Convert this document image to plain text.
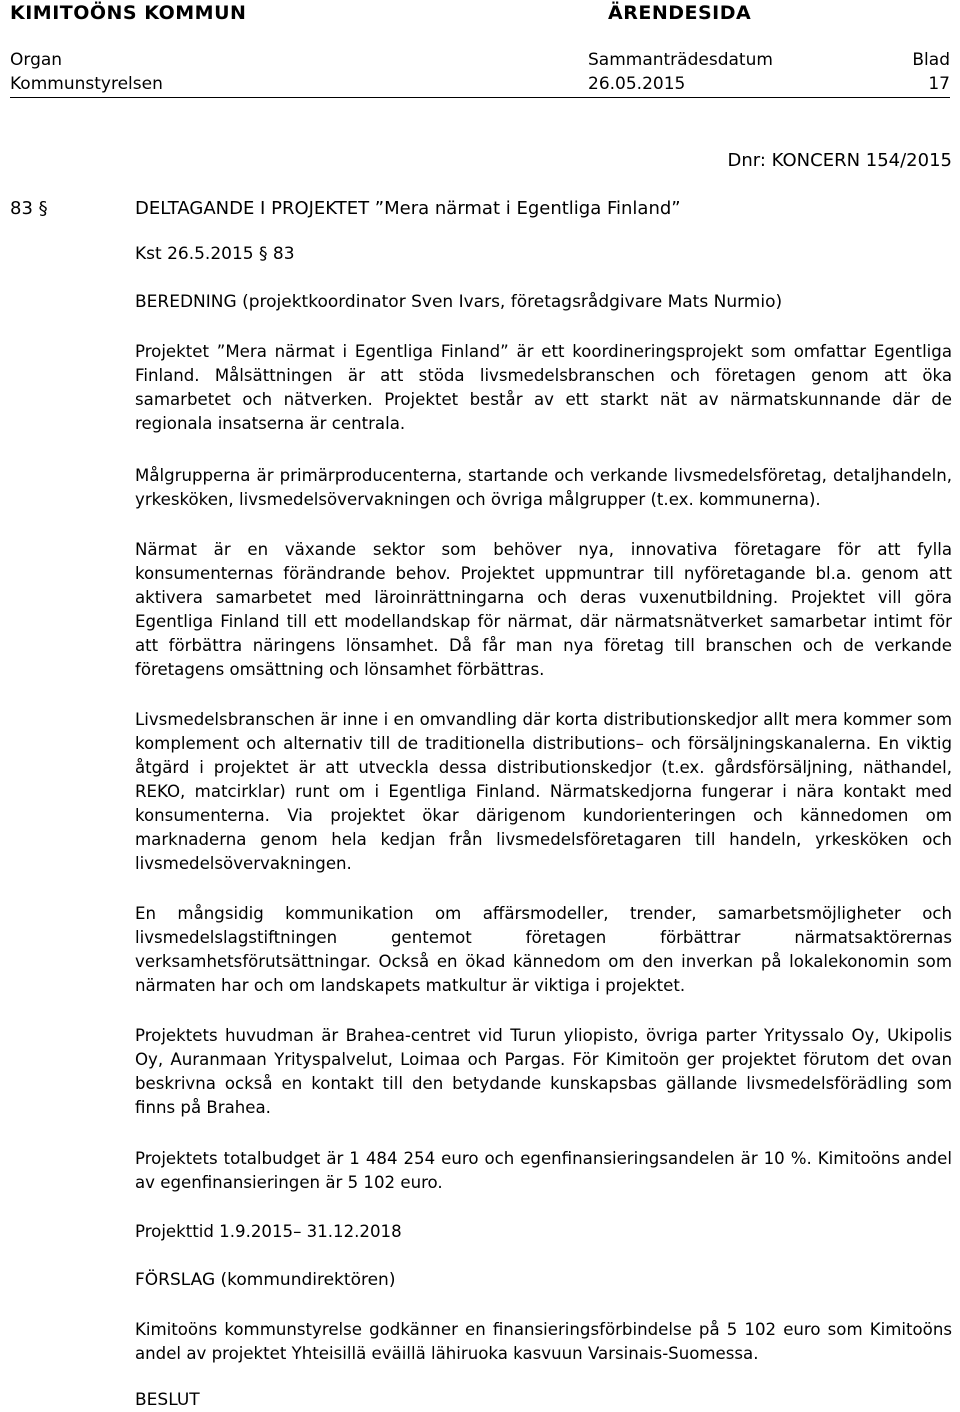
KIMITOÖNS KOMMUN	ÄRENDESIDA
Organ	Sammanträdesdatum	Blad
Kommunstyrelsen	26.05.2015	17
Dnr: KONCERN 154/2015
83 §	DELTAGANDE I PROJEKTET ”Mera närmat i Egentliga Finland”
Kst 26.5.2015 § 83
BEREDNING (projektkoordinator Sven Ivars, företagsrådgivare Mats Nurmio)

Projektet ”Mera närmat i Egentliga Finland” är ett koordineringsprojekt som omfattar Egentliga Finland. Målsättningen är att stöda livsmedelsbranschen och företagen genom att öka samarbetet och nätverken. Projektet består av ett starkt nät av närmatskunnande där de regionala insatserna är centrala.

Målgrupperna är primärproducenterna, startande och verkande livsmedelsföretag, detaljhandeln, yrkesköken, livsmedelsövervakningen och övriga målgrupper (t.ex. kommunerna).

Närmat är en växande sektor som behöver nya, innovativa företagare för att fylla konsumenternas förändrande behov. Projektet uppmuntrar till nyföretagande bl.a. genom att aktivera samarbetet med läroinrättningarna och deras vuxenutbildning. Projektet vill göra Egentliga Finland till ett modellandskap för närmat, där närmatsnätverket samarbetar intimt för att förbättra näringens lönsamhet. Då får man nya företag till branschen och de verkande företagens omsättning och lönsamhet förbättras.

Livsmedelsbranschen är inne i en omvandling där korta distributionskedjor allt mera kommer som komplement och alternativ till de traditionella distributions– och försäljningskanalerna. En viktig åtgärd i projektet är att utveckla dessa distributionskedjor (t.ex. gårdsförsäljning, näthandel, REKO, matcirklar) runt om i Egentliga Finland. Närmatskedjorna fungerar i nära kontakt med konsumenterna. Via projektet ökar därigenom kundorienteringen och kännedomen om marknaderna genom hela kedjan från livsmedelsföretagaren till handeln, yrkesköken och livsmedelsövervakningen.

En mångsidig kommunikation om affärsmodeller, trender, samarbetsmöjligheter och livsmedelslagstiftningen gentemot företagen förbättrar närmatsaktörernas verksamhetsförutsättningar. Också en ökad kännedom om den inverkan på lokalekonomin som närmaten har och om landskapets matkultur är viktiga i projektet.

Projektets huvudman är Brahea-centret vid Turun yliopisto, övriga parter Yrityssalo Oy, Ukipolis Oy, Auranmaan Yrityspalvelut, Loimaa och Pargas. För Kimitoön ger projektet förutom det ovan beskrivna också en kontakt till den betydande kunskapsbas gällande livsmedelsförädling som finns på Brahea.

Projektets totalbudget är 1 484 254 euro och egenfinansieringsandelen är 10 %. Kimitoöns andel av egenfinansieringen är 5 102 euro.

Projekttid 1.9.2015– 31.12.2018

FÖRSLAG (kommundirektören)

Kimitoöns kommunstyrelse godkänner en finansieringsförbindelse på 5 102 euro som Kimitoöns andel av projektet Yhteisillä eväillä lähiruoka kasvuun Varsinais-Suomessa.

BESLUT
